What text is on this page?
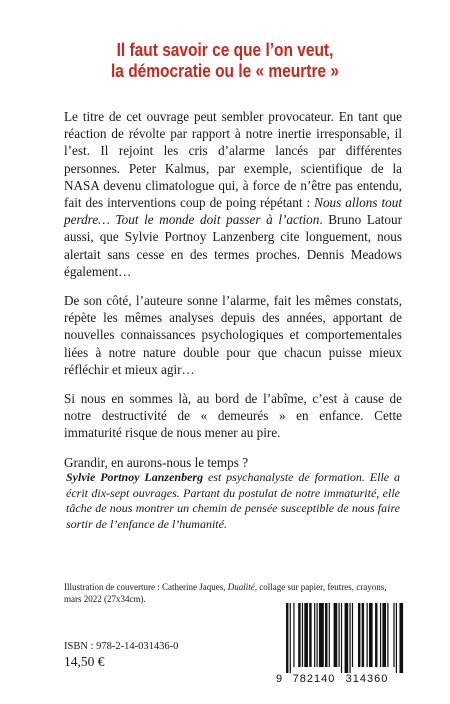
Il faut savoir ce que l’on veut,
la démocratie ou le « meurtre »

Le titre de cet ouvrage peut sembler provocateur. En tant que réaction de révolte par rapport à notre inertie irresponsable, il l’est. Il rejoint les cris d’alarme lancés par différentes personnes. Peter Kalmus, par exemple, scientifique de la NASA devenu climatologue qui, à force de n’être pas entendu, fait des interventions coup de poing répétant : Nous allons tout perdre… Tout le monde doit passer à l’action. Bruno Latour aussi, que Sylvie Portnoy Lanzenberg cite longuement, nous alertait sans cesse en des termes proches. Dennis Meadows également…

De son côté, l’auteure sonne l’alarme, fait les mêmes constats, répète les mêmes analyses depuis des années, apportant de nouvelles connaissances psychologiques et comportementales liées à notre nature double pour que chacun puisse mieux réfléchir et mieux agir…

Si nous en sommes là, au bord de l’abîme, c’est à cause de notre destructivité de « demeurés » en enfance. Cette immaturité risque de nous mener au pire.

Grandir, en aurons-nous le temps ?

Sylvie Portnoy Lanzenberg est psychanalyste de formation. Elle a écrit dix-sept ouvrages. Partant du postulat de notre immaturité, elle tâche de nous montrer un chemin de pensée susceptible de nous faire sortir de l’enfance de l’humanité.

Illustration de couverture : Catherine Jaques, Dualité, collage sur papier, feutres, crayons, mars 2022 (27x34cm).

ISBN : 978-2-14-031436-0
14,50 €
9 782140 314360
